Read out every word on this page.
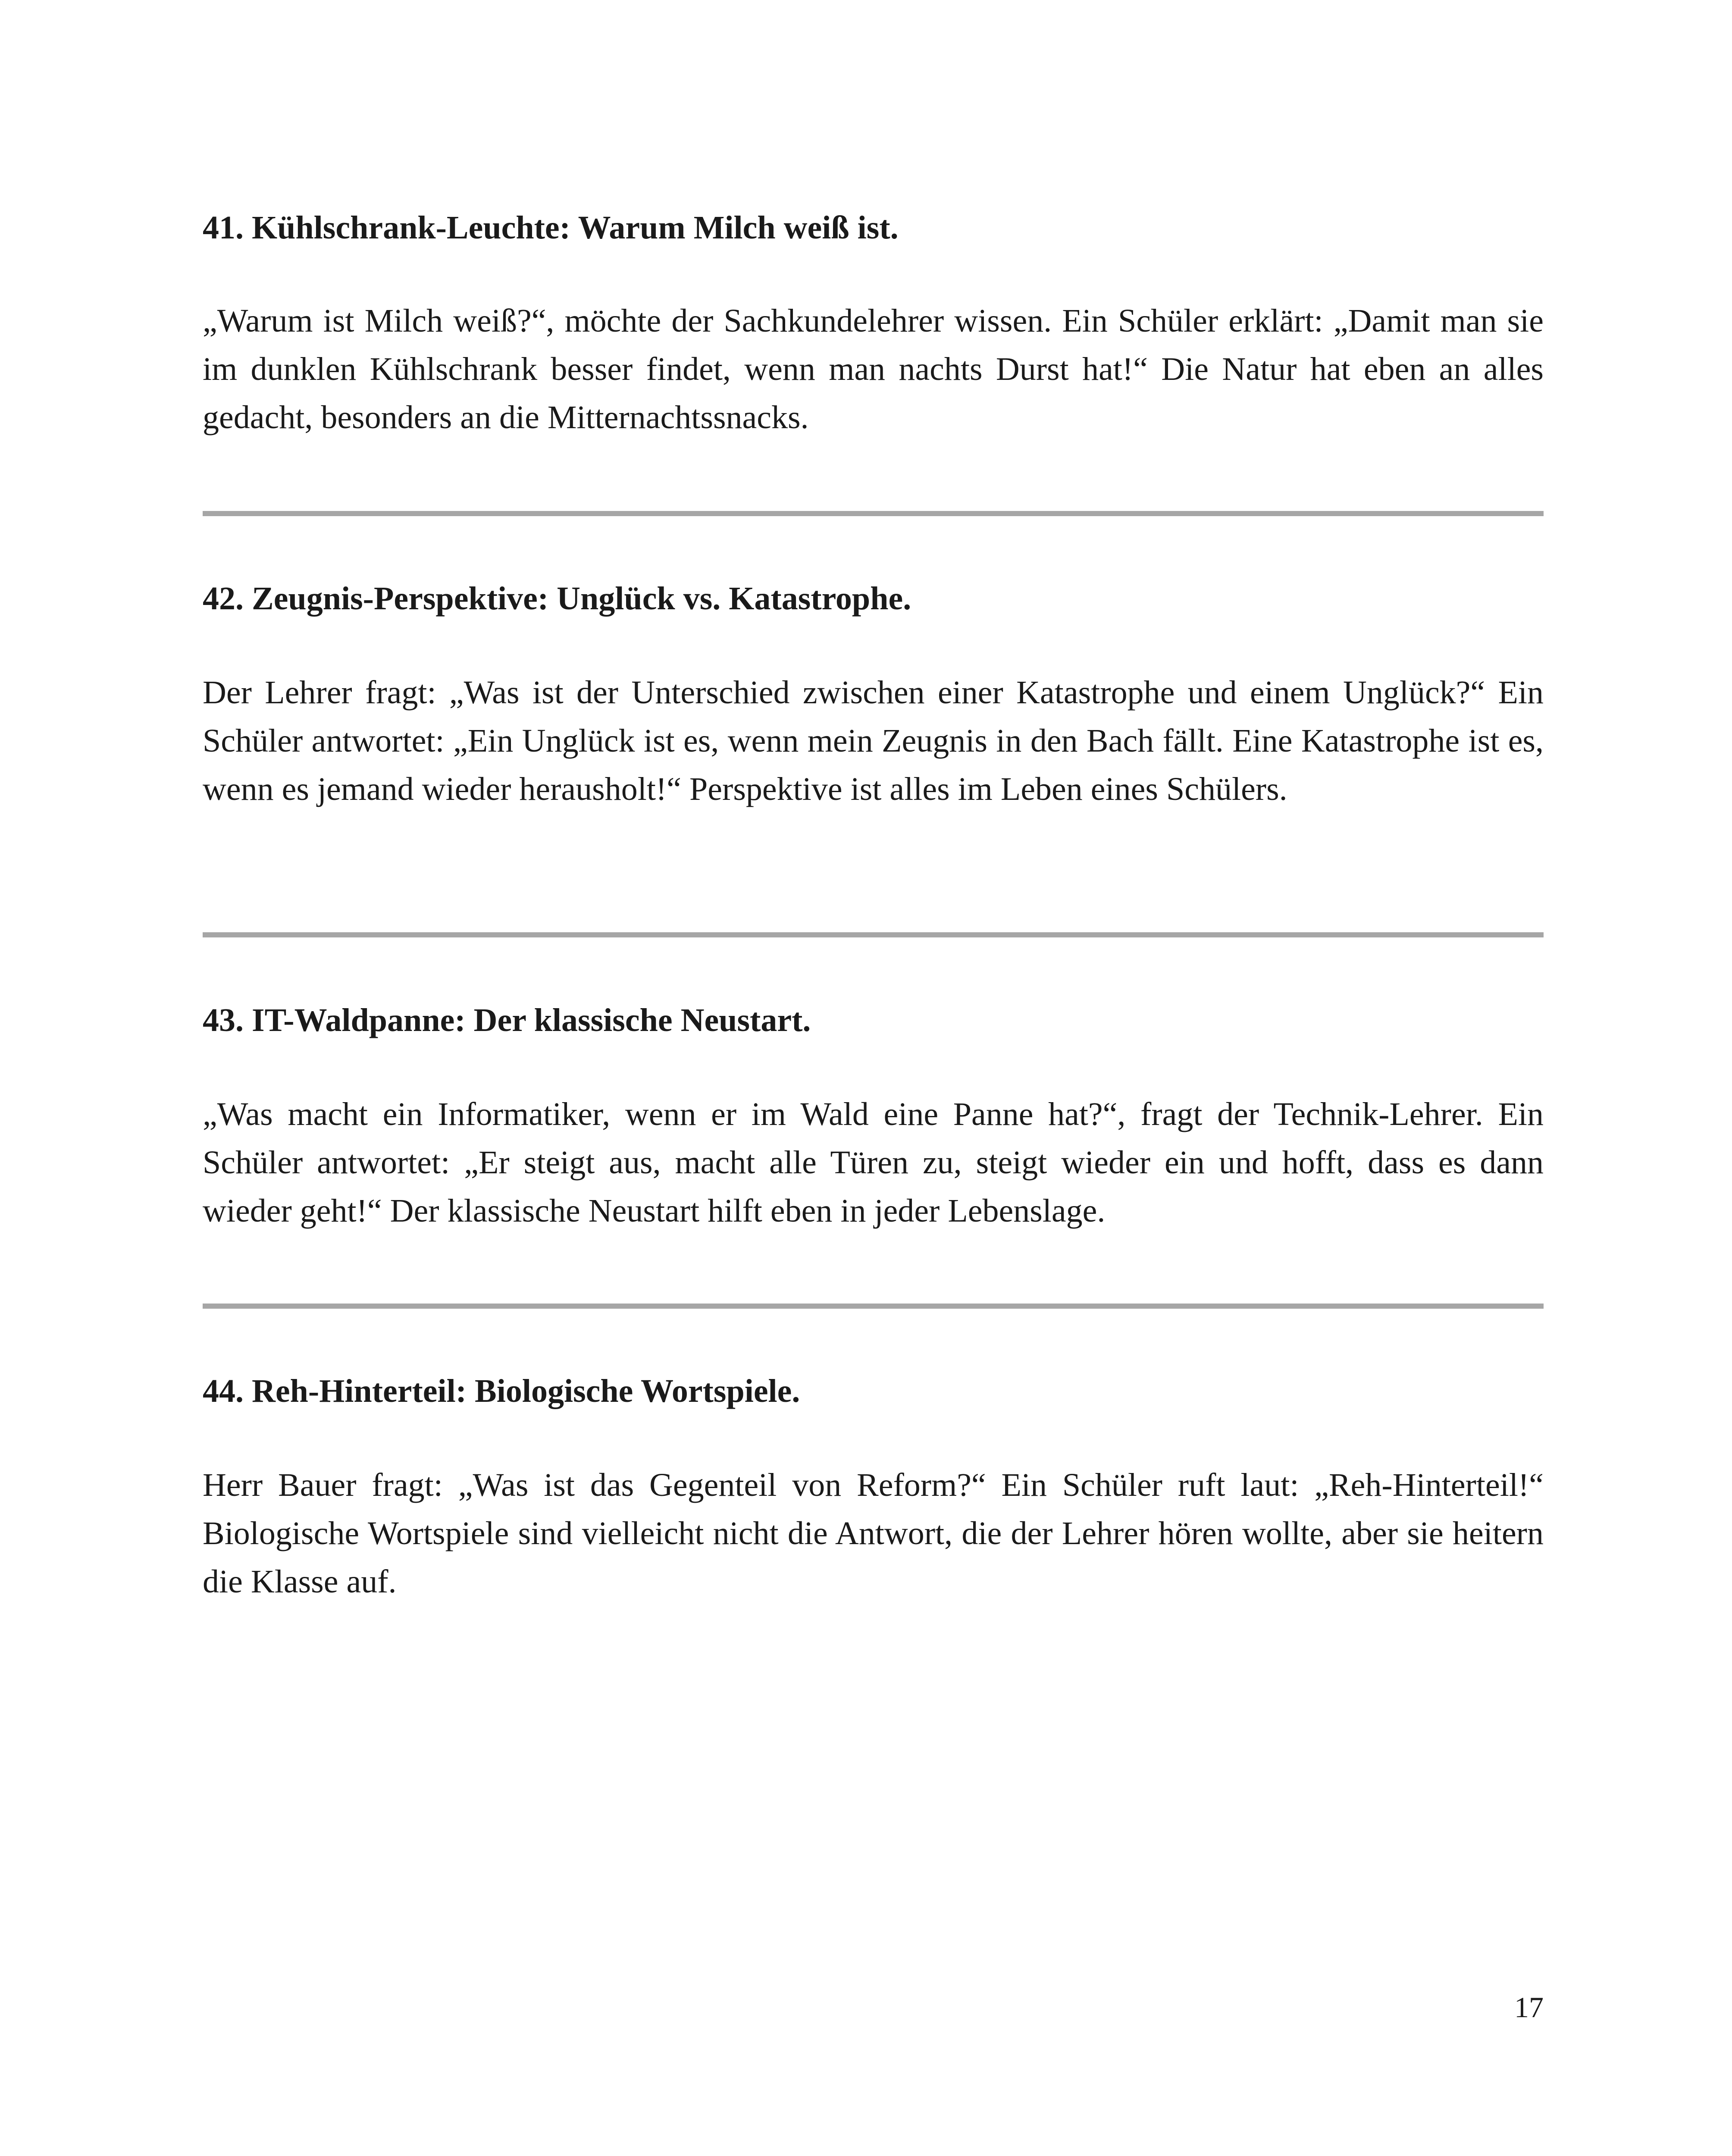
41. Kühlschrank-Leuchte: Warum Milch weiß ist.

„Warum ist Milch weiß?“, möchte der Sachkundelehrer wissen. Ein Schüler erklärt: „Damit man sie im dunklen Kühlschrank besser findet, wenn man nachts Durst hat!“ Die Natur hat eben an alles gedacht, besonders an die Mitternachtssnacks.

42. Zeugnis-Perspektive: Unglück vs. Katastrophe.

Der Lehrer fragt: „Was ist der Unterschied zwischen einer Katastrophe und einem Unglück?“ Ein Schüler antwortet: „Ein Unglück ist es, wenn mein Zeugnis in den Bach fällt. Eine Katastrophe ist es, wenn es jemand wieder herausholt!“ Perspektive ist alles im Leben eines Schülers.

43. IT-Waldpanne: Der klassische Neustart.

„Was macht ein Informatiker, wenn er im Wald eine Panne hat?“, fragt der Technik-Lehrer. Ein Schüler antwortet: „Er steigt aus, macht alle Türen zu, steigt wieder ein und hofft, dass es dann wieder geht!“ Der klassische Neustart hilft eben in jeder Lebenslage.

44. Reh-Hinterteil: Biologische Wortspiele.

Herr Bauer fragt: „Was ist das Gegenteil von Reform?“ Ein Schüler ruft laut: „Reh-Hinterteil!“ Biologische Wortspiele sind vielleicht nicht die Antwort, die der Lehrer hören wollte, aber sie heitern die Klasse auf.

17
